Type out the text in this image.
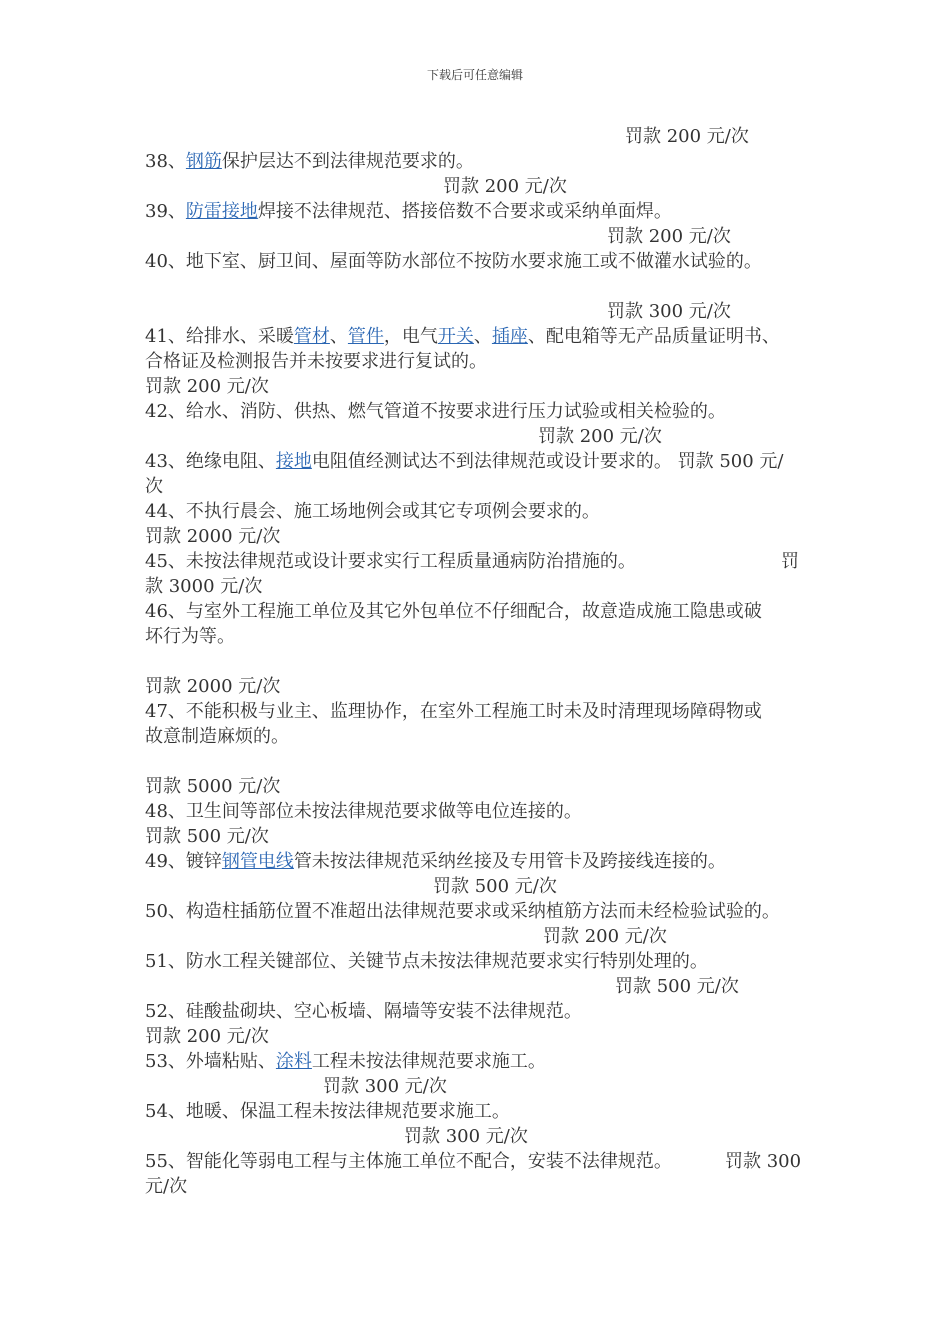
下载后可任意编辑
罚款 200 元/次
38、钢筋保护层达不到法律规范要求的。
罚款 200 元/次
39、防雷接地焊接不法律规范、搭接倍数不合要求或采纳单面焊。
罚款 200 元/次
40、地下室、厨卫间、屋面等防水部位不按防水要求施工或不做灌水试验的。
罚款 300 元/次
41、给排水、采暖管材、管件，电气开关、插座、配电箱等无产品质量证明书、
合格证及检测报告并未按要求进行复试的。
罚款 200 元/次
42、给水、消防、供热、燃气管道不按要求进行压力试验或相关检验的。
罚款 200 元/次
43、绝缘电阻、接地电阻值经测试达不到法律规范或设计要求的。 罚款 500 元/
次
44、不执行晨会、施工场地例会或其它专项例会要求的。
罚款 2000 元/次
45、未按法律规范或设计要求实行工程质量通病防治措施的。	罚
款 3000 元/次
46、与室外工程施工单位及其它外包单位不仔细配合，故意造成施工隐患或破
坏行为等。
罚款 2000 元/次
47、不能积极与业主、监理协作，在室外工程施工时未及时清理现场障碍物或
故意制造麻烦的。
罚款 5000 元/次
48、卫生间等部位未按法律规范要求做等电位连接的。
罚款 500 元/次
49、镀锌钢管电线管未按法律规范采纳丝接及专用管卡及跨接线连接的。
罚款 500 元/次
50、构造柱插筋位置不准超出法律规范要求或采纳植筋方法而未经检验试验的。
罚款 200 元/次
51、防水工程关键部位、关键节点未按法律规范要求实行特别处理的。
罚款 500 元/次
52、硅酸盐砌块、空心板墙、隔墙等安装不法律规范。
罚款 200 元/次
53、外墙粘贴、涂料工程未按法律规范要求施工。
罚款 300 元/次
54、地暖、保温工程未按法律规范要求施工。
罚款 300 元/次
55、智能化等弱电工程与主体施工单位不配合，安装不法律规范。	罚款 300
元/次
